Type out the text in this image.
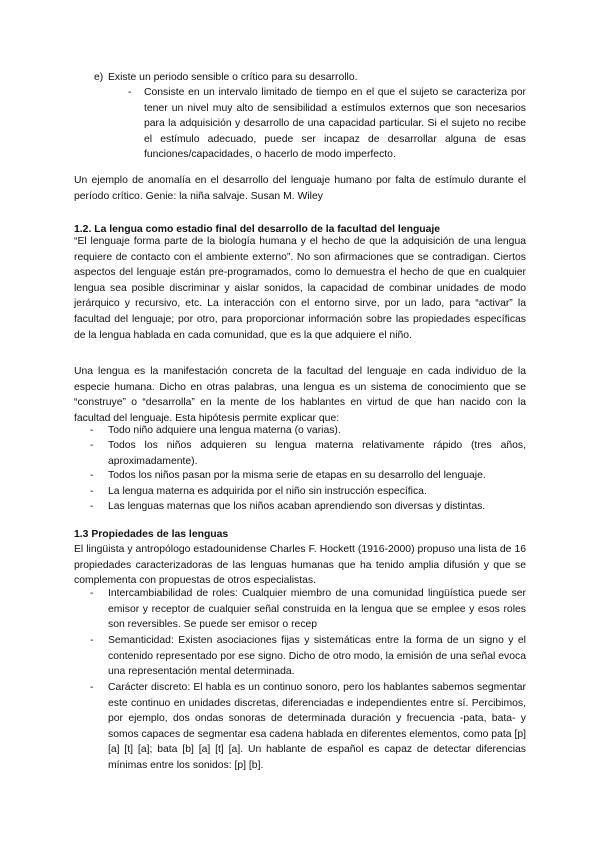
e) Existe un periodo sensible o crítico para su desarrollo.
- Consiste en un intervalo limitado de tiempo en el que el sujeto se caracteriza por tener un nivel muy alto de sensibilidad a estímulos externos que son necesarios para la adquisición y desarrollo de una capacidad particular. Si el sujeto no recibe el estímulo adecuado, puede ser incapaz de desarrollar alguna de esas funciones/capacidades, o hacerlo de modo imperfecto.

Un ejemplo de anomalía en el desarrollo del lenguaje humano por falta de estímulo durante el período crítico. Genie: la niña salvaje. Susan M. Wiley

1.2. La lengua como estadio final del desarrollo de la facultad del lenguaje

“El lenguaje forma parte de la biología humana y el hecho de que la adquisición de una lengua requiere de contacto con el ambiente externo”. No son afirmaciones que se contradigan. Ciertos aspectos del lenguaje están pre-programados, como lo demuestra el hecho de que en cualquier lengua sea posible discriminar y aislar sonidos, la capacidad de combinar unidades de modo jerárquico y recursivo, etc. La interacción con el entorno sirve, por un lado, para “activar” la facultad del lenguaje; por otro, para proporcionar información sobre las propiedades específicas de la lengua hablada en cada comunidad, que es la que adquiere el niño.

Una lengua es la manifestación concreta de la facultad del lenguaje en cada individuo de la especie humana. Dicho en otras palabras, una lengua es un sistema de conocimiento que se “construye” o “desarrolla” en la mente de los hablantes en virtud de que han nacido con la facultad del lenguaje. Esta hipótesis permite explicar que:

- Todo niño adquiere una lengua materna (o varias).
- Todos los niños adquieren su lengua materna relativamente rápido (tres años, aproximadamente).

- Todos los niños pasan por la misma serie de etapas en su desarrollo del lenguaje.
- La lengua materna es adquirida por el niño sin instrucción específica.
- Las lenguas maternas que los niños acaban aprendiendo son diversas y distintas.

1.3 Propiedades de las lenguas

El lingüista y antropólogo estadounidense Charles F. Hockett (1916-2000) propuso una lista de 16 propiedades caracterizadoras de las lenguas humanas que ha tenido amplia difusión y que se complementa con propuestas de otros especialistas.

- Intercambiabilidad de roles: Cualquier miembro de una comunidad lingüística puede ser emisor y receptor de cualquier señal construida en la lengua que se emplee y esos roles son reversibles. Se puede ser emisor o recep

- Semanticidad: Existen asociaciones fijas y sistemáticas entre la forma de un signo y el contenido representado por ese signo. Dicho de otro modo, la emisión de una señal evoca una representación mental determinada.

- Carácter discreto: El habla es un continuo sonoro, pero los hablantes sabemos segmentar este continuo en unidades discretas, diferenciadas e independientes entre sí. Percibimos, por ejemplo, dos ondas sonoras de determinada duración y frecuencia -pata, bata- y somos capaces de segmentar esa cadena hablada en diferentes elementos, como pata [p] [a] [t] [a]; bata [b] [a] [t] [a]. Un hablante de español es capaz de detectar diferencias mínimas entre los sonidos: [p] [b].
